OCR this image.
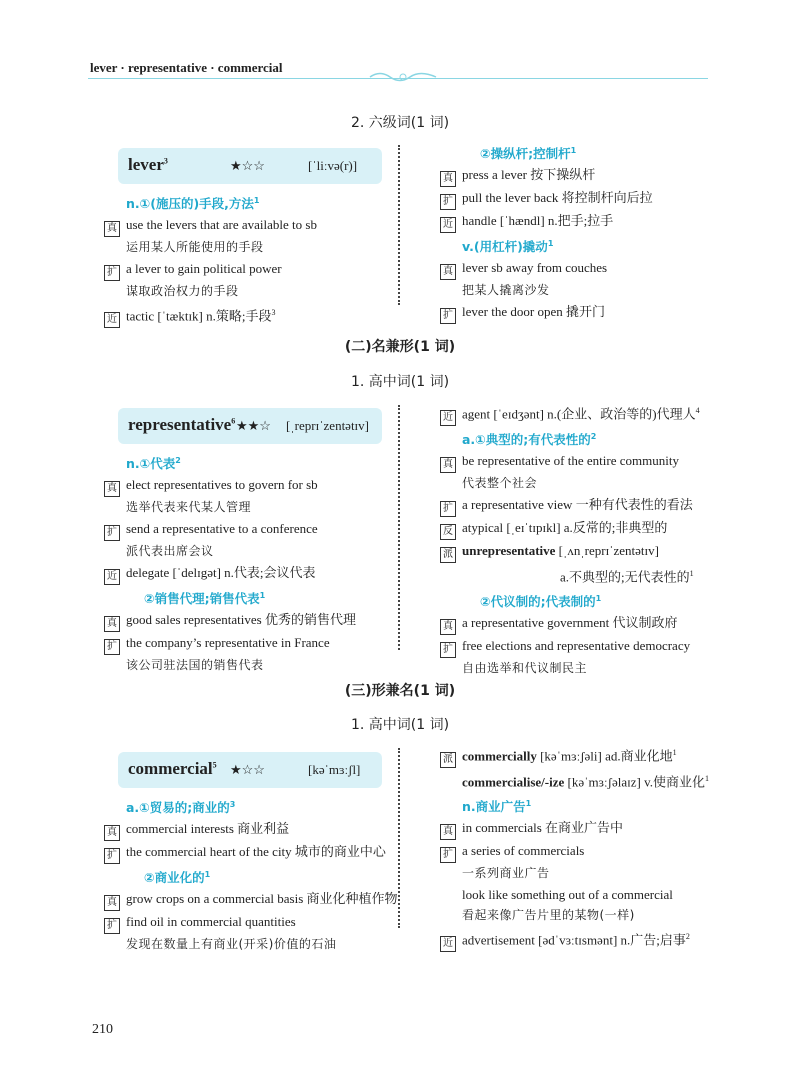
lever · representative · commercial
2. 六级词(1 词)
lever$^3$	★☆☆	[ˈliːvə(r)]
n.①(施压的)手段,方法$^1$
真 use the levers that are available to sb
运用某人所能使用的手段
扩 a lever to gain political power
谋取政治权力的手段
近 tactic [ˈtæktɪk] n.策略;手段$^3$
②操纵杆;控制杆$^1$
真 press a lever 按下操纵杆
扩 pull the lever back 将控制杆向后拉
近 handle [ˈhændl] n.把手;拉手
v.(用杠杆)撬动$^1$
真 lever sb away from couches
把某人撬离沙发
扩 lever the door open 撬开门
(二)名兼形(1 词)
1. 高中词(1 词)
representative$^6$ ★★☆ [ˌreprɪˈzentətɪv]
n.①代表$^2$
真 elect representatives to govern for sb
选举代表来代某人管理
扩 send a representative to a conference
派代表出席会议
近 delegate [ˈdelɪgət] n.代表;会议代表
②销售代理;销售代表$^1$
真 good sales representatives 优秀的销售代理
扩 the company’s representative in France
该公司驻法国的销售代表
近 agent [ˈeɪdʒənt] n.(企业、政治等的)代理人$^4$
a.①典型的;有代表性的$^2$
真 be representative of the entire community
代表整个社会
扩 a representative view 一种有代表性的看法
反 atypical [ˌeɪˈtɪpɪkl] a.反常的;非典型的
派 unrepresentative [ˌʌnˌreprɪˈzentətɪv]
a.不典型的;无代表性的$^1$
②代议制的;代表制的$^1$
真 a representative government 代议制政府
扩 free elections and representative democracy
自由选举和代议制民主
(三)形兼名(1 词)
1. 高中词(1 词)
commercial$^5$ ★☆☆	[kəˈmɜːʃl]
a.①贸易的;商业的$^3$
真 commercial interests 商业利益
扩 the commercial heart of the city 城市的商业中心
②商业化的$^1$
真 grow crops on a commercial basis 商业化种植作物
扩 find oil in commercial quantities
发现在数量上有商业(开采)价值的石油
派 commercially [kəˈmɜːʃəli] ad.商业化地$^1$
commercialise/-ize [kəˈmɜːʃəlaɪz] v.使商业化$^1$
n.商业广告$^1$
真 in commercials 在商业广告中
扩 a series of commercials
一系列商业广告
look like something out of a commercial
看起来像广告片里的某物(一样)
近 advertisement [ədˈvɜːtɪsmənt] n.广告;启事$^2$
210
